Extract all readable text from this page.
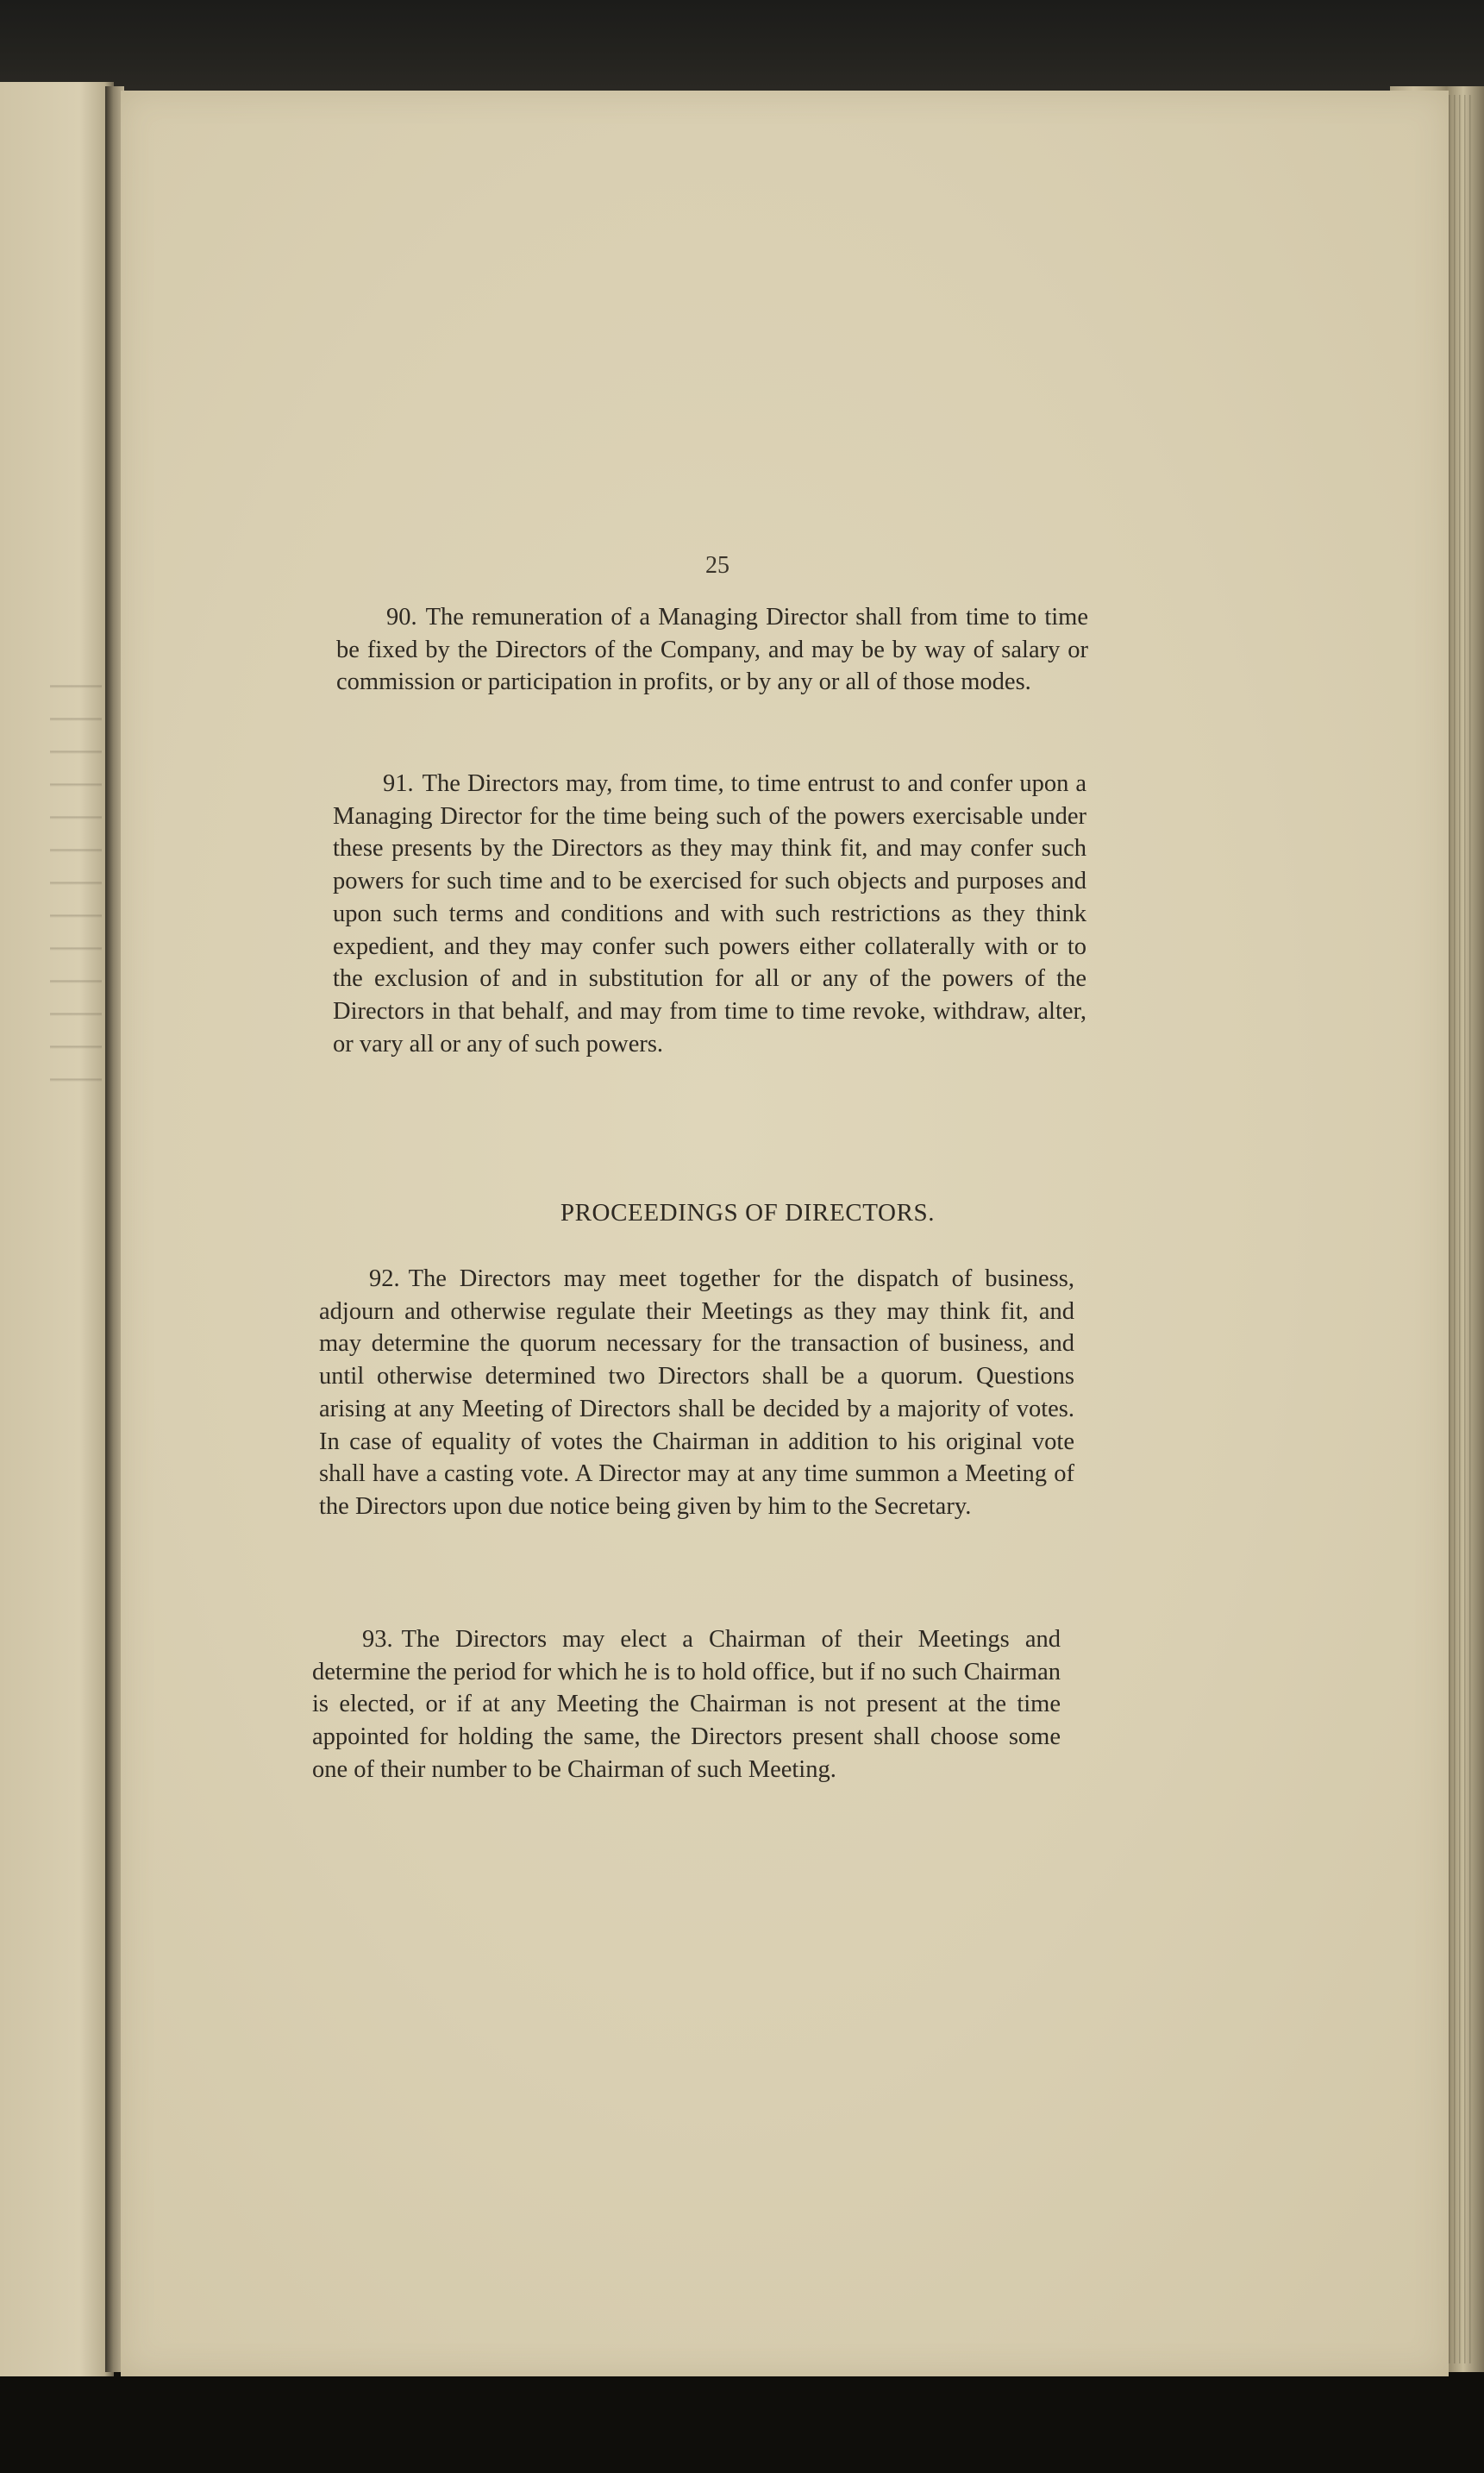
25

90. The remuneration of a Managing Director shall from time to time be fixed by the Directors of the Company, and may be by way of salary or commission or participation in profits, or by any or all of those modes.

91. The Directors may, from time, to time entrust to and confer upon a Managing Director for the time being such of the powers exercisable under these presents by the Directors as they may think fit, and may confer such powers for such time and to be exercised for such objects and purposes and upon such terms and conditions and with such restrictions as they think expedient, and they may confer such powers either collaterally with or to the exclusion of and in substitution for all or any of the powers of the Directors in that behalf, and may from time to time revoke, withdraw, alter, or vary all or any of such powers.

PROCEEDINGS OF DIRECTORS.

92. The Directors may meet together for the dispatch of business, adjourn and otherwise regulate their Meetings as they may think fit, and may determine the quorum necessary for the transaction of business, and until otherwise determined two Directors shall be a quorum. Questions arising at any Meeting of Directors shall be decided by a majority of votes. In case of equality of votes the Chairman in addition to his original vote shall have a casting vote. A Director may at any time summon a Meeting of the Directors upon due notice being given by him to the Secretary.

93. The Directors may elect a Chairman of their Meetings and determine the period for which he is to hold office, but if no such Chairman is elected, or if at any Meeting the Chairman is not present at the time appointed for holding the same, the Directors present shall choose some one of their number to be Chairman of such Meeting.
